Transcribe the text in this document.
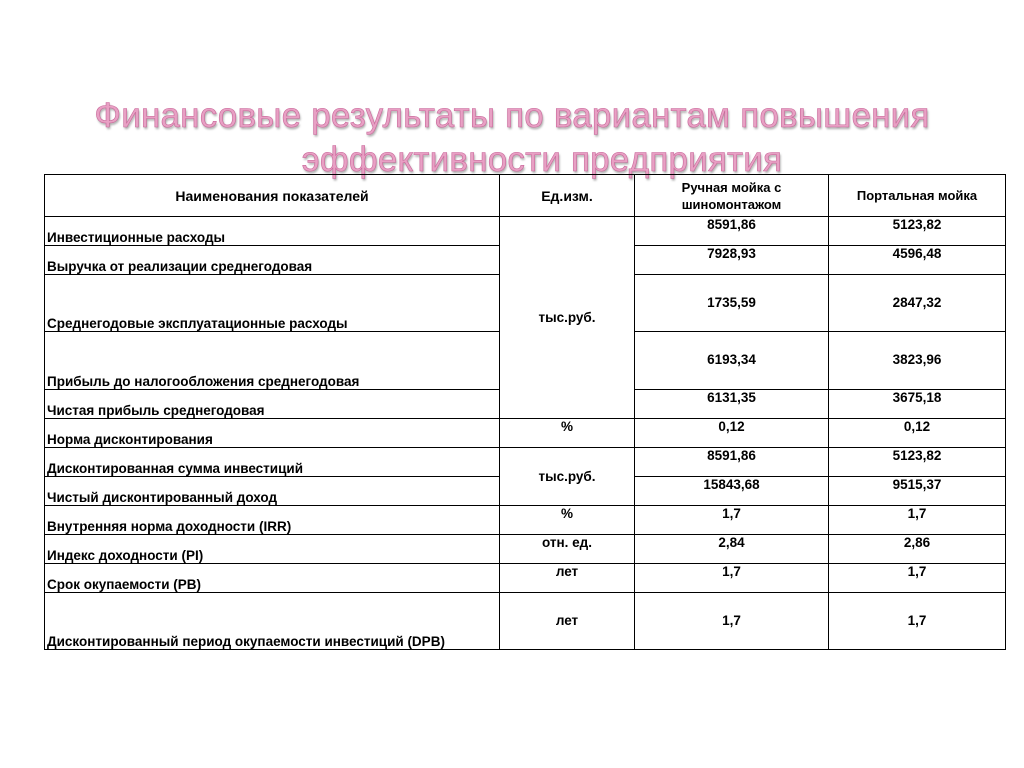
Финансовые результаты по вариантам повышения
эффективности предприятия
Наименования показателей	Ед.изм.	Ручная мойка с шиномонтажом	Портальная мойка
Инвестиционные расходы	тыс.руб.	8591,86	5123,82
Выручка от реализации среднегодовая		7928,93	4596,48
Среднегодовые эксплуатационные расходы		1735,59	2847,32
Прибыль до налогообложения среднегодовая		6193,34	3823,96
Чистая прибыль среднегодовая		6131,35	3675,18
Норма дисконтирования	%	0,12	0,12
Дисконтированная сумма инвестиций	тыс.руб.	8591,86	5123,82
Чистый дисконтированный доход		15843,68	9515,37
Внутренняя норма доходности (IRR)	%	1,7	1,7
Индекс доходности (PI)	отн. ед.	2,84	2,86
Срок окупаемости (PB)	лет	1,7	1,7
Дисконтированный период окупаемости инвестиций (DPB)	лет	1,7	1,7
